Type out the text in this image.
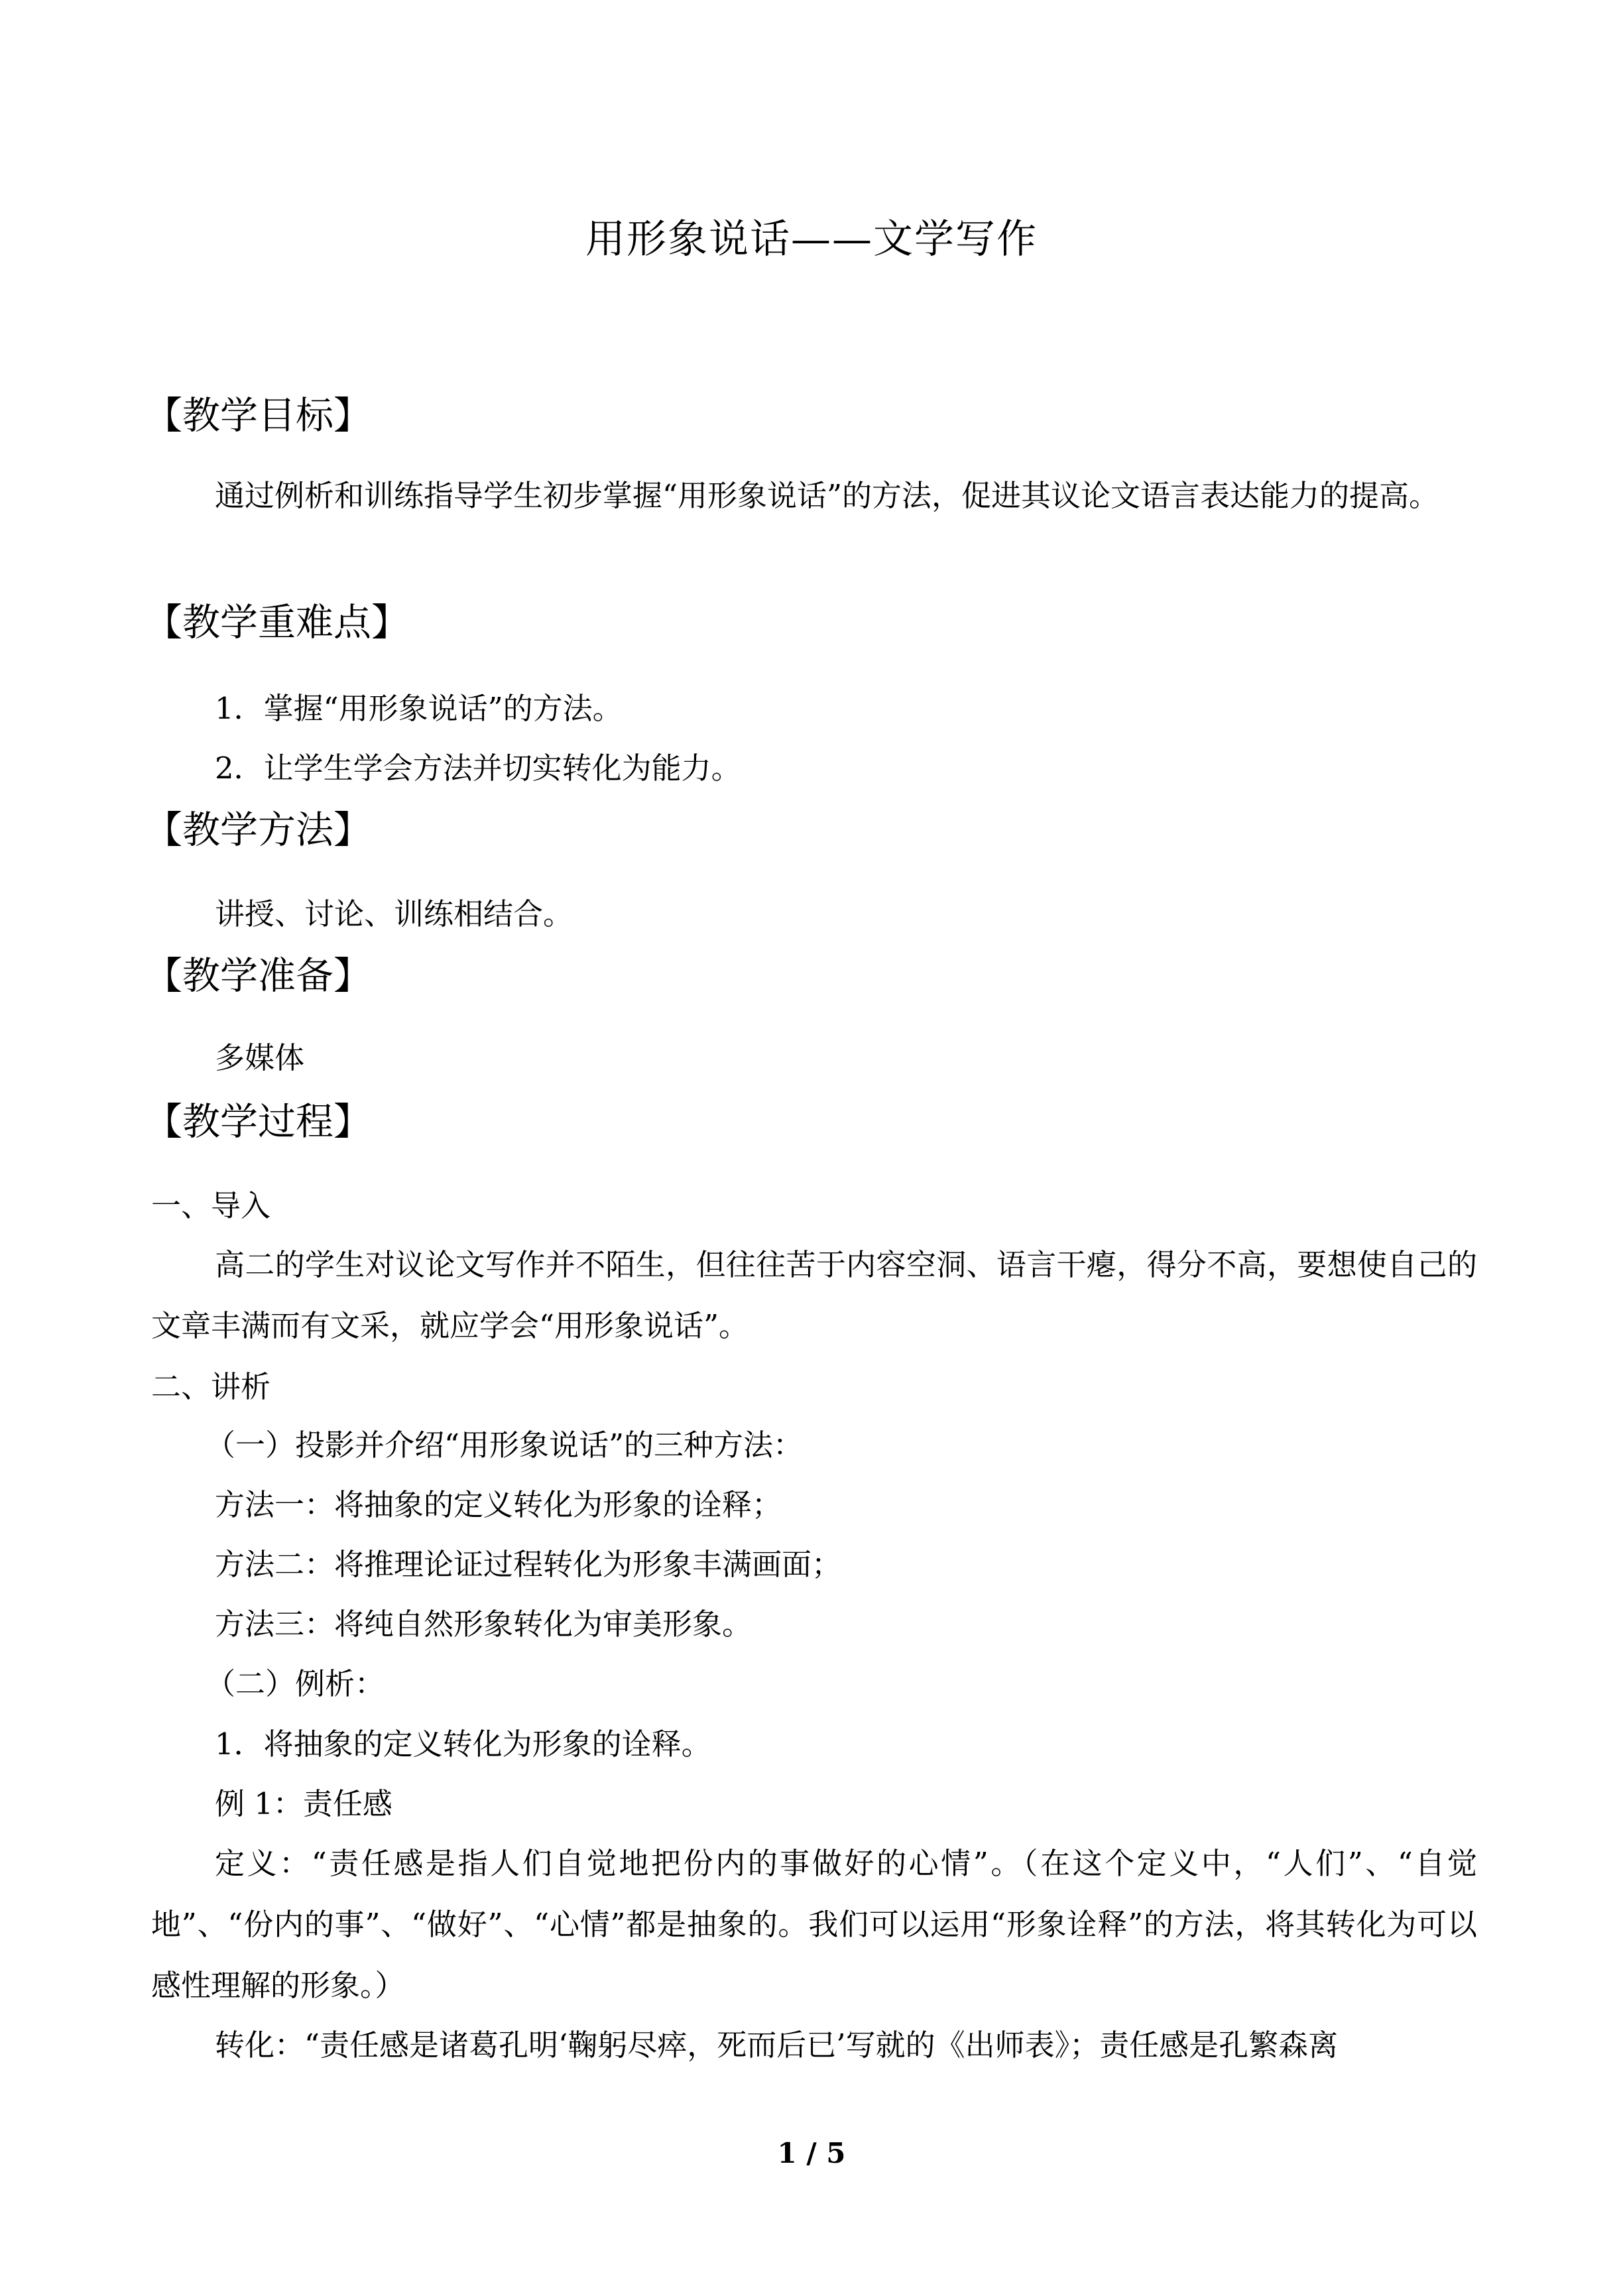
用形象说话——文学写作
【教学目标】

通过例析和训练指导学生初步掌握“用形象说话”的方法，促进其议论文语言表达能力的提高。

【教学重难点】

1．掌握“用形象说话”的方法。

2．让学生学会方法并切实转化为能力。

【教学方法】

讲授、讨论、训练相结合。

【教学准备】

多媒体

【教学过程】

一、导入

高二的学生对议论文写作并不陌生，但往往苦于内容空洞、语言干瘪，得分不高，要想使自己的文章丰满而有文采，就应学会“用形象说话”。

二、讲析

（一）投影并介绍“用形象说话”的三种方法：

方法一：将抽象的定义转化为形象的诠释；

方法二：将推理论证过程转化为形象丰满画面；

方法三：将纯自然形象转化为审美形象。

（二）例析：

1．将抽象的定义转化为形象的诠释。

例 1：责任感

定义：“责任感是指人们自觉地把份内的事做好的心情”。（在这个定义中，“人们”、“自觉地”、“份内的事”、“做好”、“心情”都是抽象的。我们可以运用“形象诠释”的方法，将其转化为可以感性理解的形象。）

转化：“责任感是诸葛孔明‘鞠躬尽瘁，死而后已’写就的《出师表》；责任感是孔繁森离

1 / 5
